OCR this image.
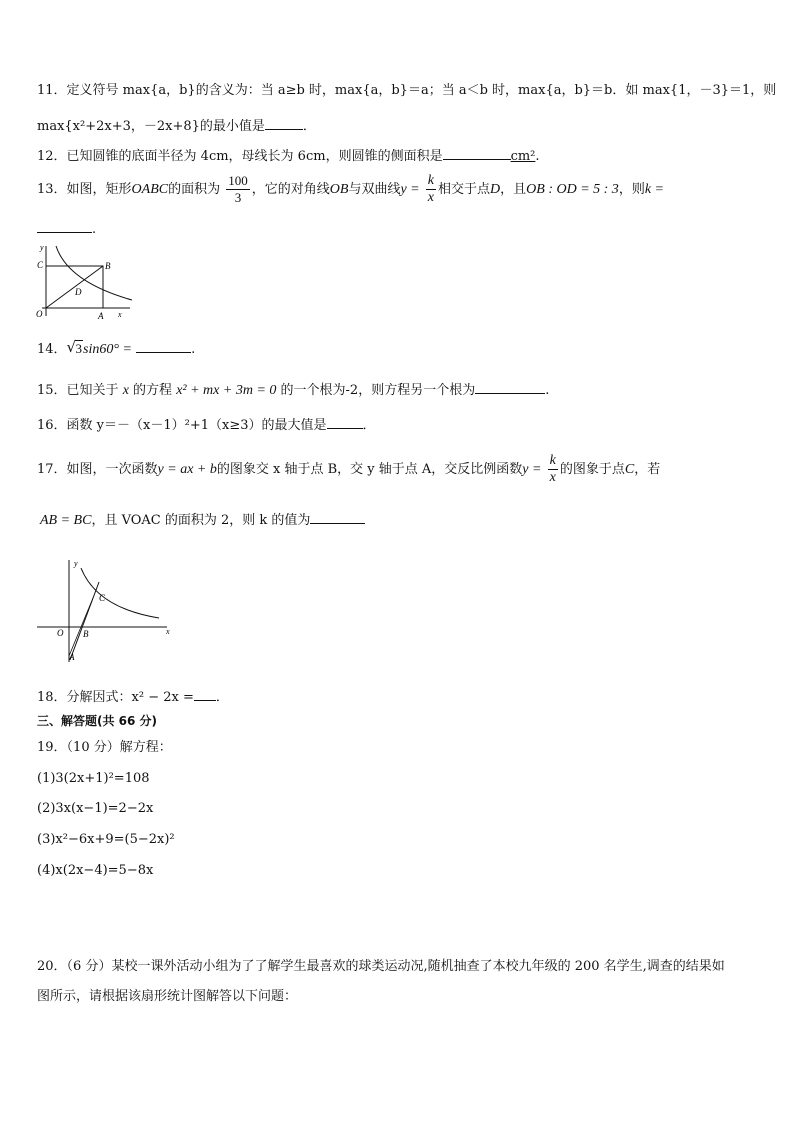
11．定义符号 max{a，b}的含义为：当 a≥b 时，max{a，b}＝a；当 a＜b 时，max{a，b}＝b．如 max{1，－3}＝1，则
max{x²+2x+3，－2x+8}的最小值是	．
12．已知圆锥的底面半径为 4cm，母线长为 6cm，则圆锥的侧面积是	cm².
13．如图，矩形OABC的面积为 $\frac{100}{3}$ ，它的对角线OB与双曲线$y = \frac{k}{x}$ 相交于点D，且OB : OD = 5 : 3，则k =
.
y
C	B
D
O	A x
14． √ 3sin60° =	.
15．已知关于 x 的方程 x² + mx + 3m = 0 的一个根为-2，则方程另一个根为	.
16．函数 y＝－（x－1）²+1（x≥3）的最大值是	．
17．如图，一次函数y = ax + b的图象交 x 轴于点 B，交 y 轴于点 A，交反比例函数$y = \frac{k}{x}$ 的图象于点C，若
AB = BC，且 VOAC 的面积为 2，则 k 的值为
y
C
O B	x
A
18．分解因式：x² − 2x = ．
三、解答题(共 66 分)
19．（10 分）解方程：
(1)3(2x+1)²=108
(2)3x(x−1)=2−2x
(3)x²−6x+9=(5−2x)²
(4)x(2x−4)=5−8x
20．（6 分）某校一课外活动小组为了了解学生最喜欢的球类运动况,随机抽查了本校九年级的 200 名学生,调查的结果如
图所示，请根据该扇形统计图解答以下问题：
